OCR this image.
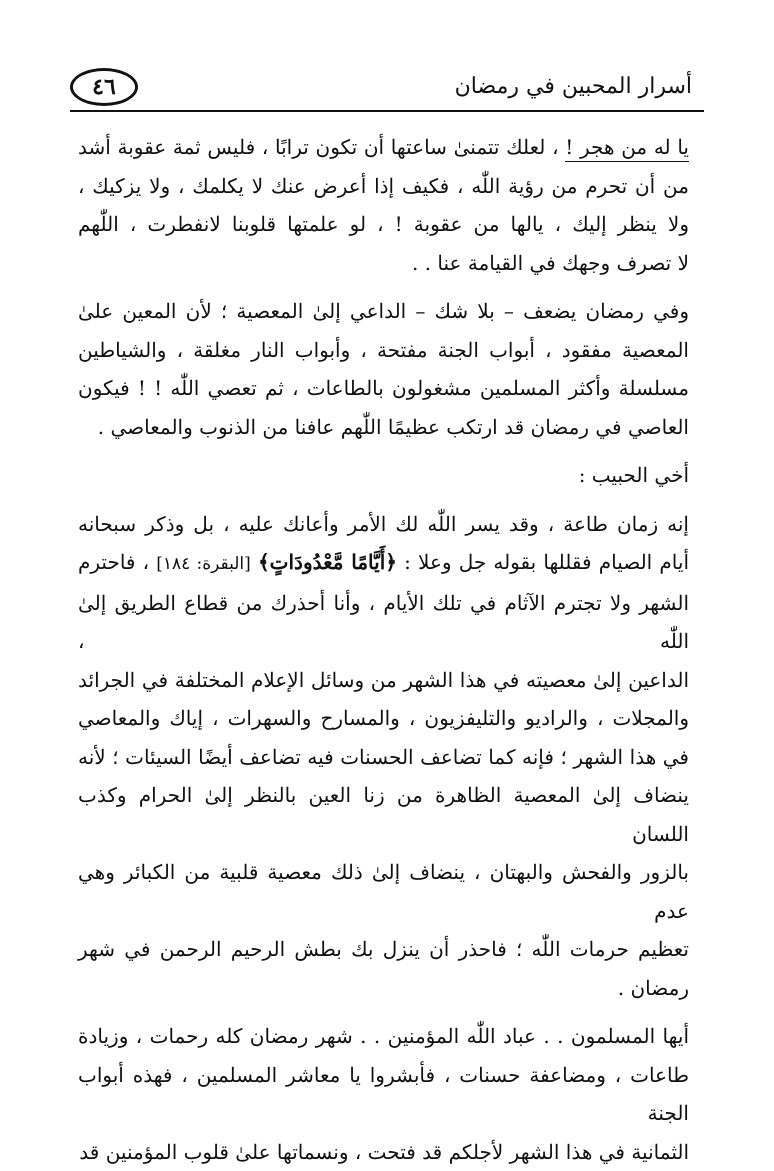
أسرار المحبين في رمضان
٤٦
يا له من هجر ! ، لعلك تتمنىٰ ساعتها أن تكون ترابًا ، فليس ثمة عقوبة أشد
من أن تحرم من رؤية اللّٰه ، فكيف إذا أعرض عنك لا يكلمك ، ولا يزكيك ،
ولا ينظر إليك ، يالها من عقوبة ! ، لو علمتها قلوبنا لانفطرت ، اللّٰهم
لا تصرف وجهك في القيامة عنا . .
وفي رمضان يضعف – بلا شك – الداعي إلىٰ المعصية ؛ لأن المعين علىٰ
المعصية مفقود ، أبواب الجنة مفتحة ، وأبواب النار مغلقة ، والشياطين
مسلسلة وأكثر المسلمين مشغولون بالطاعات ، ثم تعصي اللّٰه ! ! فيكون
العاصي في رمضان قد ارتكب عظيمًا اللّٰهم عافنا من الذنوب والمعاصي .
أخي الحبيب :
إنه زمان طاعة ، وقد يسر اللّٰه لك الأمر وأعانك عليه ، بل وذكر سبحانه
أيام الصيام فقللها بقوله جل وعلا : ﴿أَيَّامًا مَّعْدُودَاتٍ﴾ [البقرة: ١٨٤] ، فاحترم
الشهر ولا تجترم الآثام في تلك الأيام ، وأنا أحذرك من قطاع الطريق إلىٰ اللّٰه ،
الداعين إلىٰ معصيته في هذا الشهر من وسائل الإعلام المختلفة في الجرائد
والمجلات ، والراديو والتليفزيون ، والمسارح والسهرات ، إياك والمعاصي
في هذا الشهر ؛ فإنه كما تضاعف الحسنات فيه تضاعف أيضًا السيئات ؛ لأنه
ينضاف إلىٰ المعصية الظاهرة من زنا العين بالنظر إلىٰ الحرام وكذب اللسان
بالزور والفحش والبهتان ، ينضاف إلىٰ ذلك معصية قلبية من الكبائر وهي عدم
تعظيم حرمات اللّٰه ؛ فاحذر أن ينزل بك بطش الرحيم الرحمن في شهر
رمضان .
أيها المسلمون . . عباد اللّٰه المؤمنين . . شهر رمضان كله رحمات ، وزيادة
طاعات ، ومضاعفة حسنات ، فأبشروا يا معاشر المسلمين ، فهذه أبواب الجنة
الثمانية في هذا الشهر لأجلكم قد فتحت ، ونسماتها علىٰ قلوب المؤمنين قد
